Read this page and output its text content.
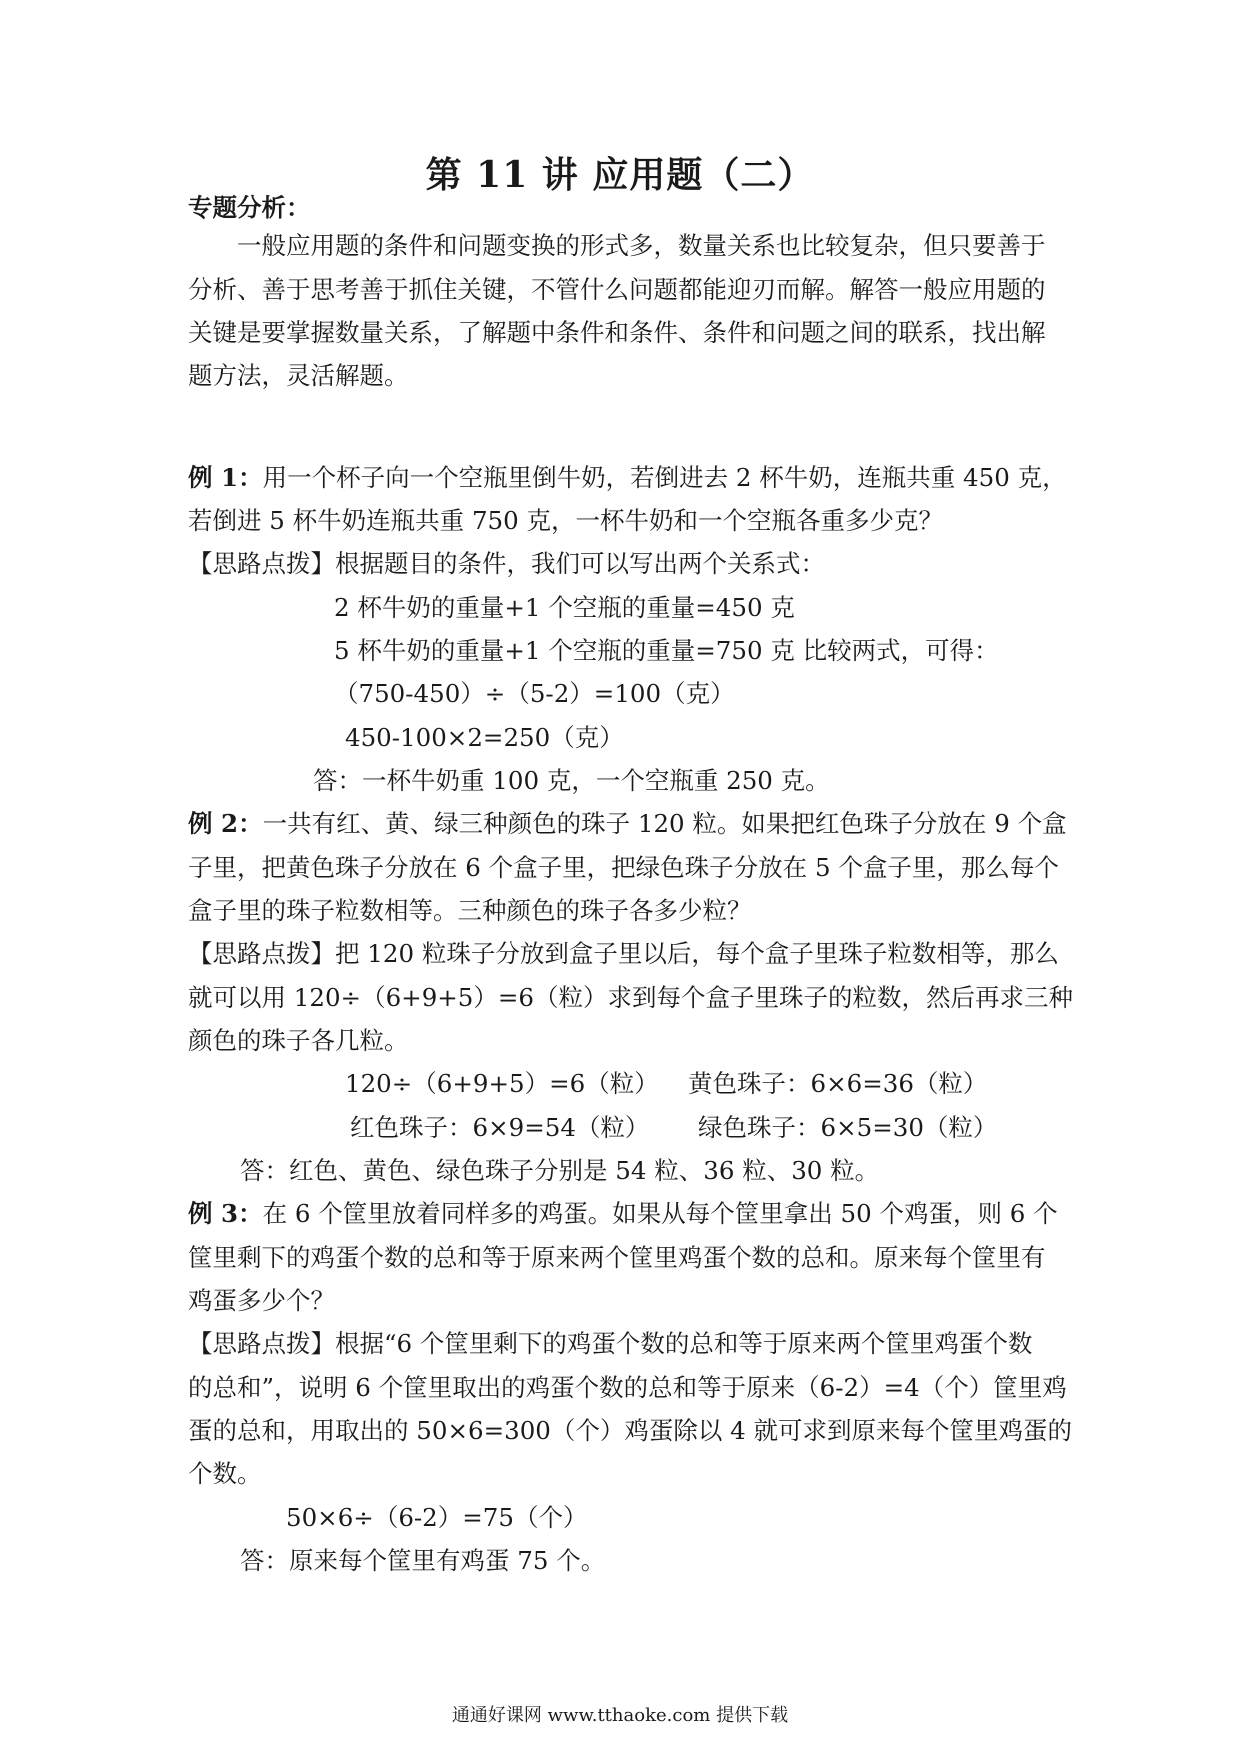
第 11 讲 应用题（二）
专题分析：
一般应用题的条件和问题变换的形式多，数量关系也比较复杂，但只要善于
分析、善于思考善于抓住关键，不管什么问题都能迎刃而解。解答一般应用题的
关键是要掌握数量关系，了解题中条件和条件、条件和问题之间的联系，找出解
题方法，灵活解题。
例 1：用一个杯子向一个空瓶里倒牛奶，若倒进去 2 杯牛奶，连瓶共重 450 克，
若倒进 5 杯牛奶连瓶共重 750 克，一杯牛奶和一个空瓶各重多少克？
【思路点拨】根据题目的条件，我们可以写出两个关系式：
2 杯牛奶的重量+1 个空瓶的重量=450 克
5 杯牛奶的重量+1 个空瓶的重量=750 克 比较两式，可得：
（750-450）÷（5-2）=100（克）
450-100×2=250（克）
答：一杯牛奶重 100 克，一个空瓶重 250 克。
例 2：一共有红、黄、绿三种颜色的珠子 120 粒。如果把红色珠子分放在 9 个盒
子里，把黄色珠子分放在 6 个盒子里，把绿色珠子分放在 5 个盒子里，那么每个
盒子里的珠子粒数相等。三种颜色的珠子各多少粒？
【思路点拨】把 120 粒珠子分放到盒子里以后，每个盒子里珠子粒数相等，那么
就可以用 120÷（6+9+5）=6（粒）求到每个盒子里珠子的粒数，然后再求三种
颜色的珠子各几粒。
120÷（6+9+5）=6（粒） 黄色珠子：6×6=36（粒）
红色珠子：6×9=54（粒） 绿色珠子：6×5=30（粒）
答：红色、黄色、绿色珠子分别是 54 粒、36 粒、30 粒。
例 3：在 6 个筐里放着同样多的鸡蛋。如果从每个筐里拿出 50 个鸡蛋，则 6 个
筐里剩下的鸡蛋个数的总和等于原来两个筐里鸡蛋个数的总和。原来每个筐里有
鸡蛋多少个？
【思路点拨】根据“6 个筐里剩下的鸡蛋个数的总和等于原来两个筐里鸡蛋个数
的总和”，说明 6 个筐里取出的鸡蛋个数的总和等于原来（6-2）=4（个）筐里鸡
蛋的总和，用取出的 50×6=300（个）鸡蛋除以 4 就可求到原来每个筐里鸡蛋的
个数。
50×6÷（6-2）=75（个）
答：原来每个筐里有鸡蛋 75 个。
通通好课网 www.tthaoke.com 提供下载
